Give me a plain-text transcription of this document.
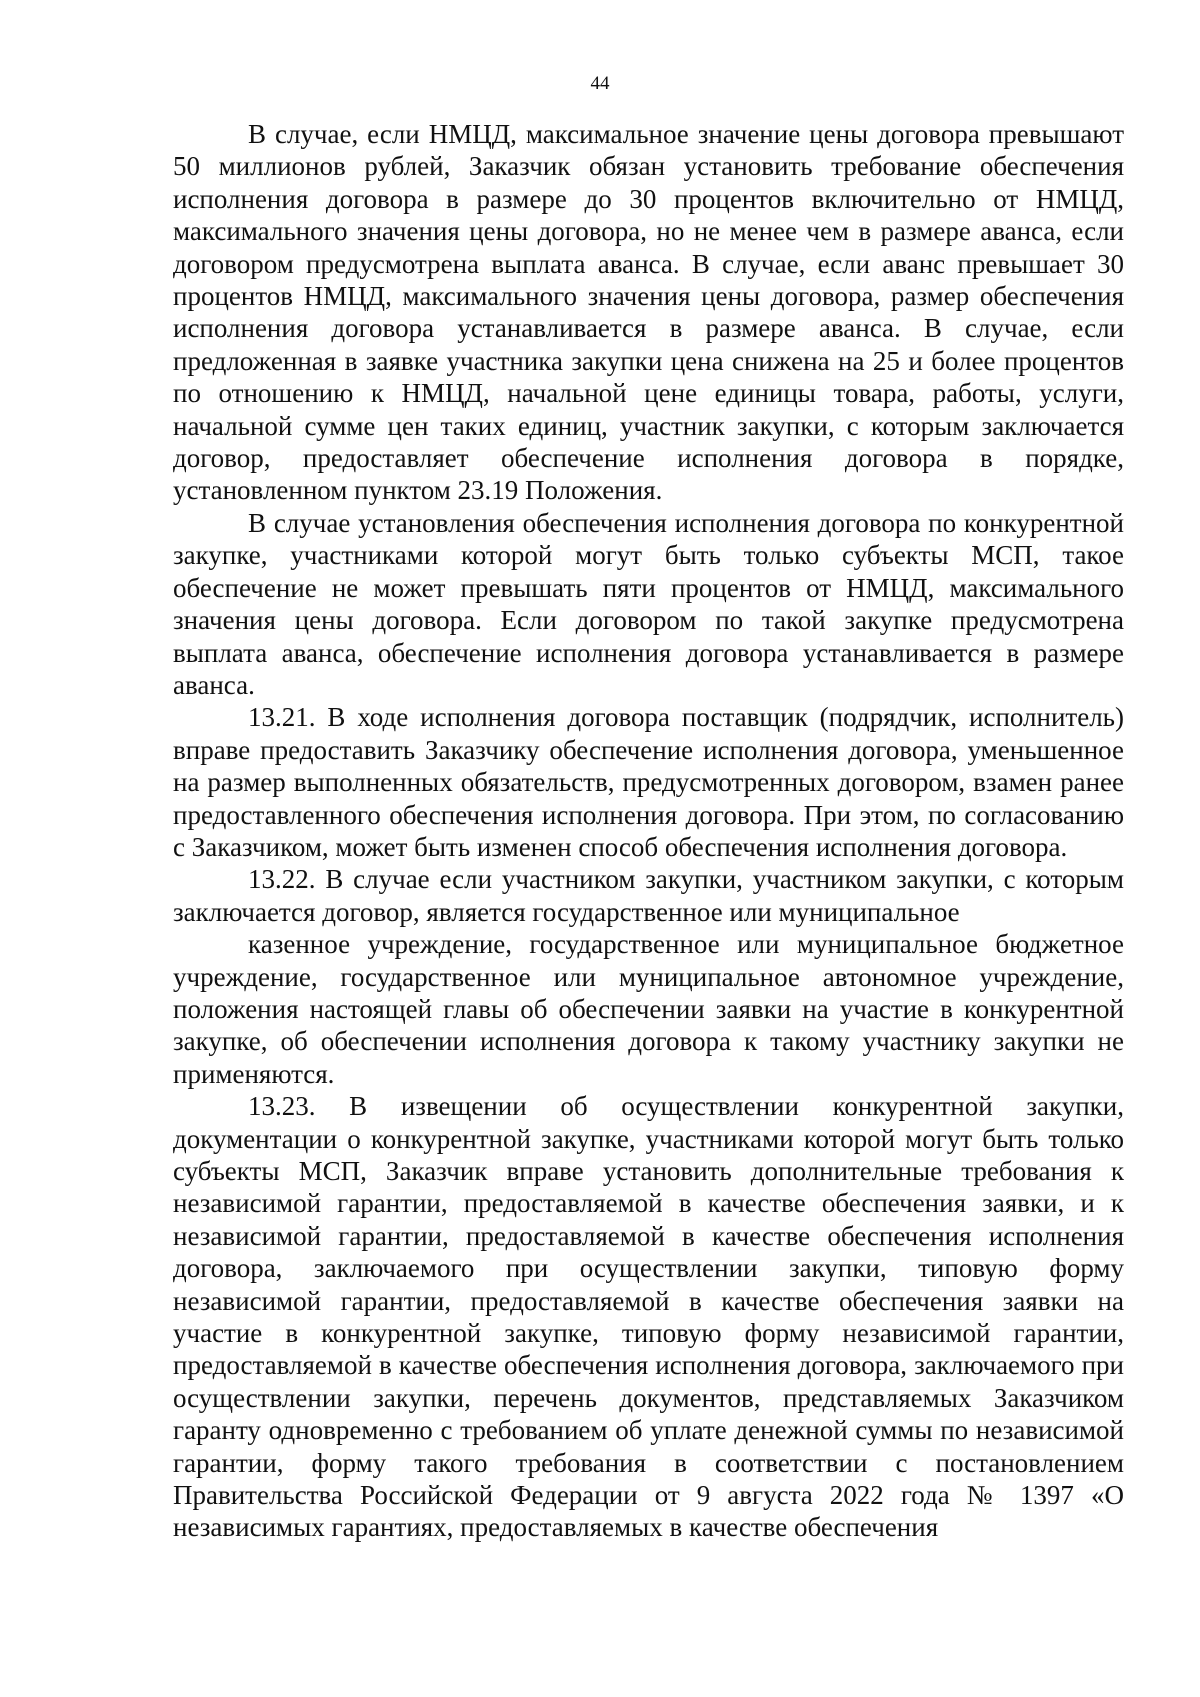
44

В случае, если НМЦД, максимальное значение цены договора превышают 50 миллионов рублей, Заказчик обязан установить требование обеспечения исполнения договора в размере до 30 процентов включительно от НМЦД, максимального значения цены договора, но не менее чем в размере аванса, если договором предусмотрена выплата аванса. В случае, если аванс превышает 30 процентов НМЦД, максимального значения цены договора, размер обеспечения исполнения договора устанавливается в размере аванса. В случае, если предложенная в заявке участника закупки цена снижена на 25 и более процентов по отношению к НМЦД, начальной цене единицы товара, работы, услуги, начальной сумме цен таких единиц, участник закупки, с которым заключается договор, предоставляет обеспечение исполнения договора в порядке, установленном пунктом 23.19 Положения.

В случае установления обеспечения исполнения договора по конкурентной закупке, участниками которой могут быть только субъекты МСП, такое обеспечение не может превышать пяти процентов от НМЦД, максимального значения цены договора. Если договором по такой закупке предусмотрена выплата аванса, обеспечение исполнения договора устанавливается в размере аванса.

13.21. В ходе исполнения договора поставщик (подрядчик, исполнитель) вправе предоставить Заказчику обеспечение исполнения договора, уменьшенное на размер выполненных обязательств, предусмотренных договором, взамен ранее предоставленного обеспечения исполнения договора. При этом, по согласованию с Заказчиком, может быть изменен способ обеспечения исполнения договора.

13.22. В случае если участником закупки, участником закупки, с которым заключается договор, является государственное или муниципальное

казенное учреждение, государственное или муниципальное бюджетное учреждение, государственное или муниципальное автономное учреждение, положения настоящей главы об обеспечении заявки на участие в конкурентной закупке, об обеспечении исполнения договора к такому участнику закупки не применяются.

13.23. В извещении об осуществлении конкурентной закупки, документации о конкурентной закупке, участниками которой могут быть только субъекты МСП, Заказчик вправе установить дополнительные требования к независимой гарантии, предоставляемой в качестве обеспечения заявки, и к независимой гарантии, предоставляемой в качестве обеспечения исполнения договора, заключаемого при осуществлении закупки, типовую форму независимой гарантии, предоставляемой в качестве обеспечения заявки на участие в конкурентной закупке, типовую форму независимой гарантии, предоставляемой в качестве обеспечения исполнения договора, заключаемого при осуществлении закупки, перечень документов, представляемых Заказчиком гаранту одновременно с требованием об уплате денежной суммы по независимой гарантии, форму такого требования в соответствии с постановлением Правительства Российской Федерации от 9 августа 2022 года № 1397 «О независимых гарантиях, предоставляемых в качестве обеспечения
